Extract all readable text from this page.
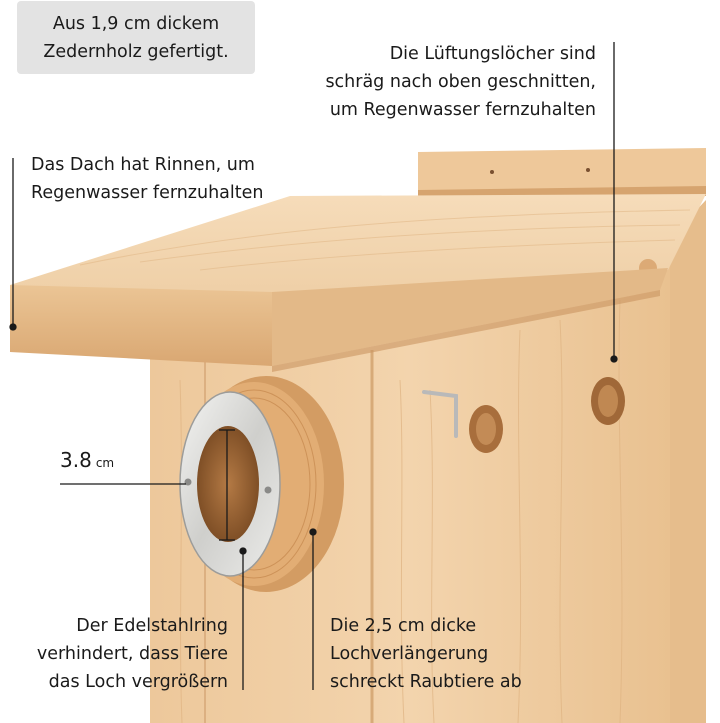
Aus 1,9 cm dickem
Zedernholz gefertigt.	Die Lüftungslöcher sind
schräg nach oben geschnitten,
um Regenwasser fernzuhalten
Das Dach hat Rinnen, um
Regenwasser fernzuhalten
3.8 cm
Der Edelstahlring
verhindert, dass Tiere
das Loch vergrößern
Die 2,5 cm dicke
Lochverlängerung
schreckt Raubtiere ab
